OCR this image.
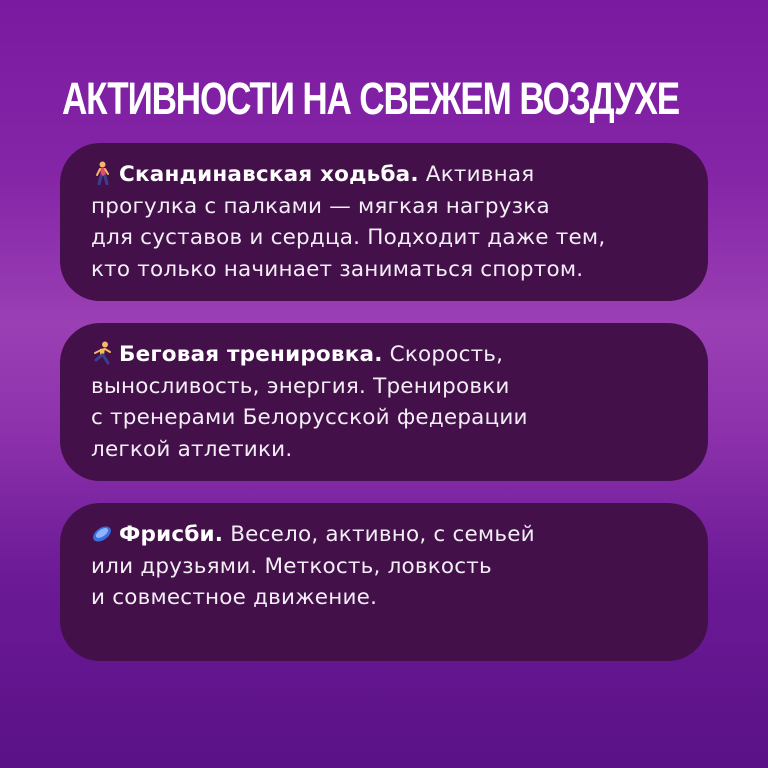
АКТИВНОСТИ НА СВЕЖЕМ ВОЗДУХЕ

Скандинавская ходьба. Активная
прогулка с палками — мягкая нагрузка
для суставов и сердца. Подходит даже тем,
кто только начинает заниматься спортом.

Беговая тренировка. Скорость,
выносливость, энергия. Тренировки
с тренерами Белорусской федерации
легкой атлетики.

Фрисби. Весело, активно, с семьей
или друзьями. Меткость, ловкость
и совместное движение.
